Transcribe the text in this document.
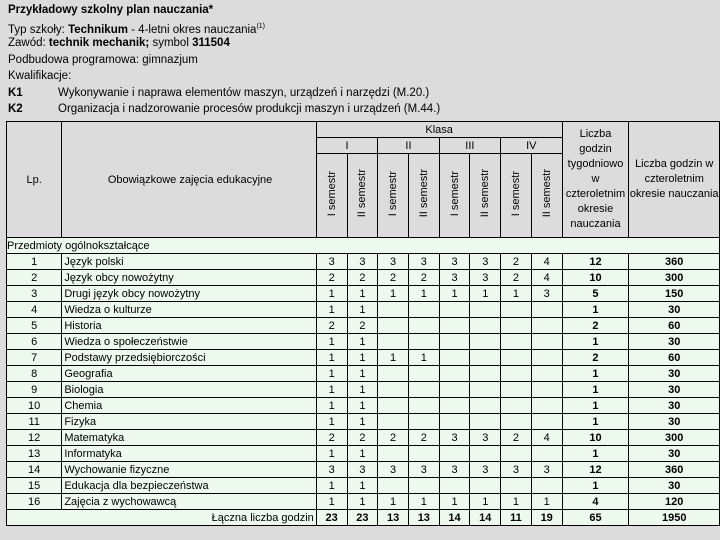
Przykładowy szkolny plan nauczania*
Typ szkoły: Technikum - 4-letni okres nauczania$^{(1)}$
Zawód: technik mechanik; symbol 311504
Podbudowa programowa: gimnazjum
Kwalifikacje:
K1	Wykonywanie i naprawa elementów maszyn, urządzeń i narzędzi (M.20.)
K2	Organizacja i nadzorowanie procesów produkcji maszyn i urządzeń (M.44.)
Lp.	Obowiązkowe zajęcia edukacyjne	Klasa								Liczba godzin tygodniowo w czteroletnim okresie nauczania	Liczba godzin w czteroletnim okresie nauczania
		I		II		III		IV			
		I semestr	II semestr	I semestr	II semestr	I semestr	II semestr	I semestr	II semestr		
Przedmioty ogólnokształcące											
1	Język polski	3	3	3	3	3	3	2	4	12	360
2	Język obcy nowożytny	2	2	2	2	3	3	2	4	10	300
3	Drugi język obcy nowożytny	1	1	1	1	1	1	1	3	5	150
4	Wiedza o kulturze	1	1							1	30
5	Historia	2	2							2	60
6	Wiedza o społeczeństwie	1	1							1	30
7	Podstawy przedsiębiorczości	1	1	1	1					2	60
8	Geografia	1	1							1	30
9	Biologia	1	1							1	30
10	Chemia	1	1							1	30
11	Fizyka	1	1							1	30
12	Matematyka	2	2	2	2	3	3	2	4	10	300
13	Informatyka	1	1							1	30
14	Wychowanie fizyczne	3	3	3	3	3	3	3	3	12	360
15	Edukacja dla bezpieczeństwa	1	1							1	30
16	Zajęcia z wychowawcą	1	1	1	1	1	1	1	1	4	120
Łączna liczba godzin		23	23	13	13	14	14	11	19	65	1950
